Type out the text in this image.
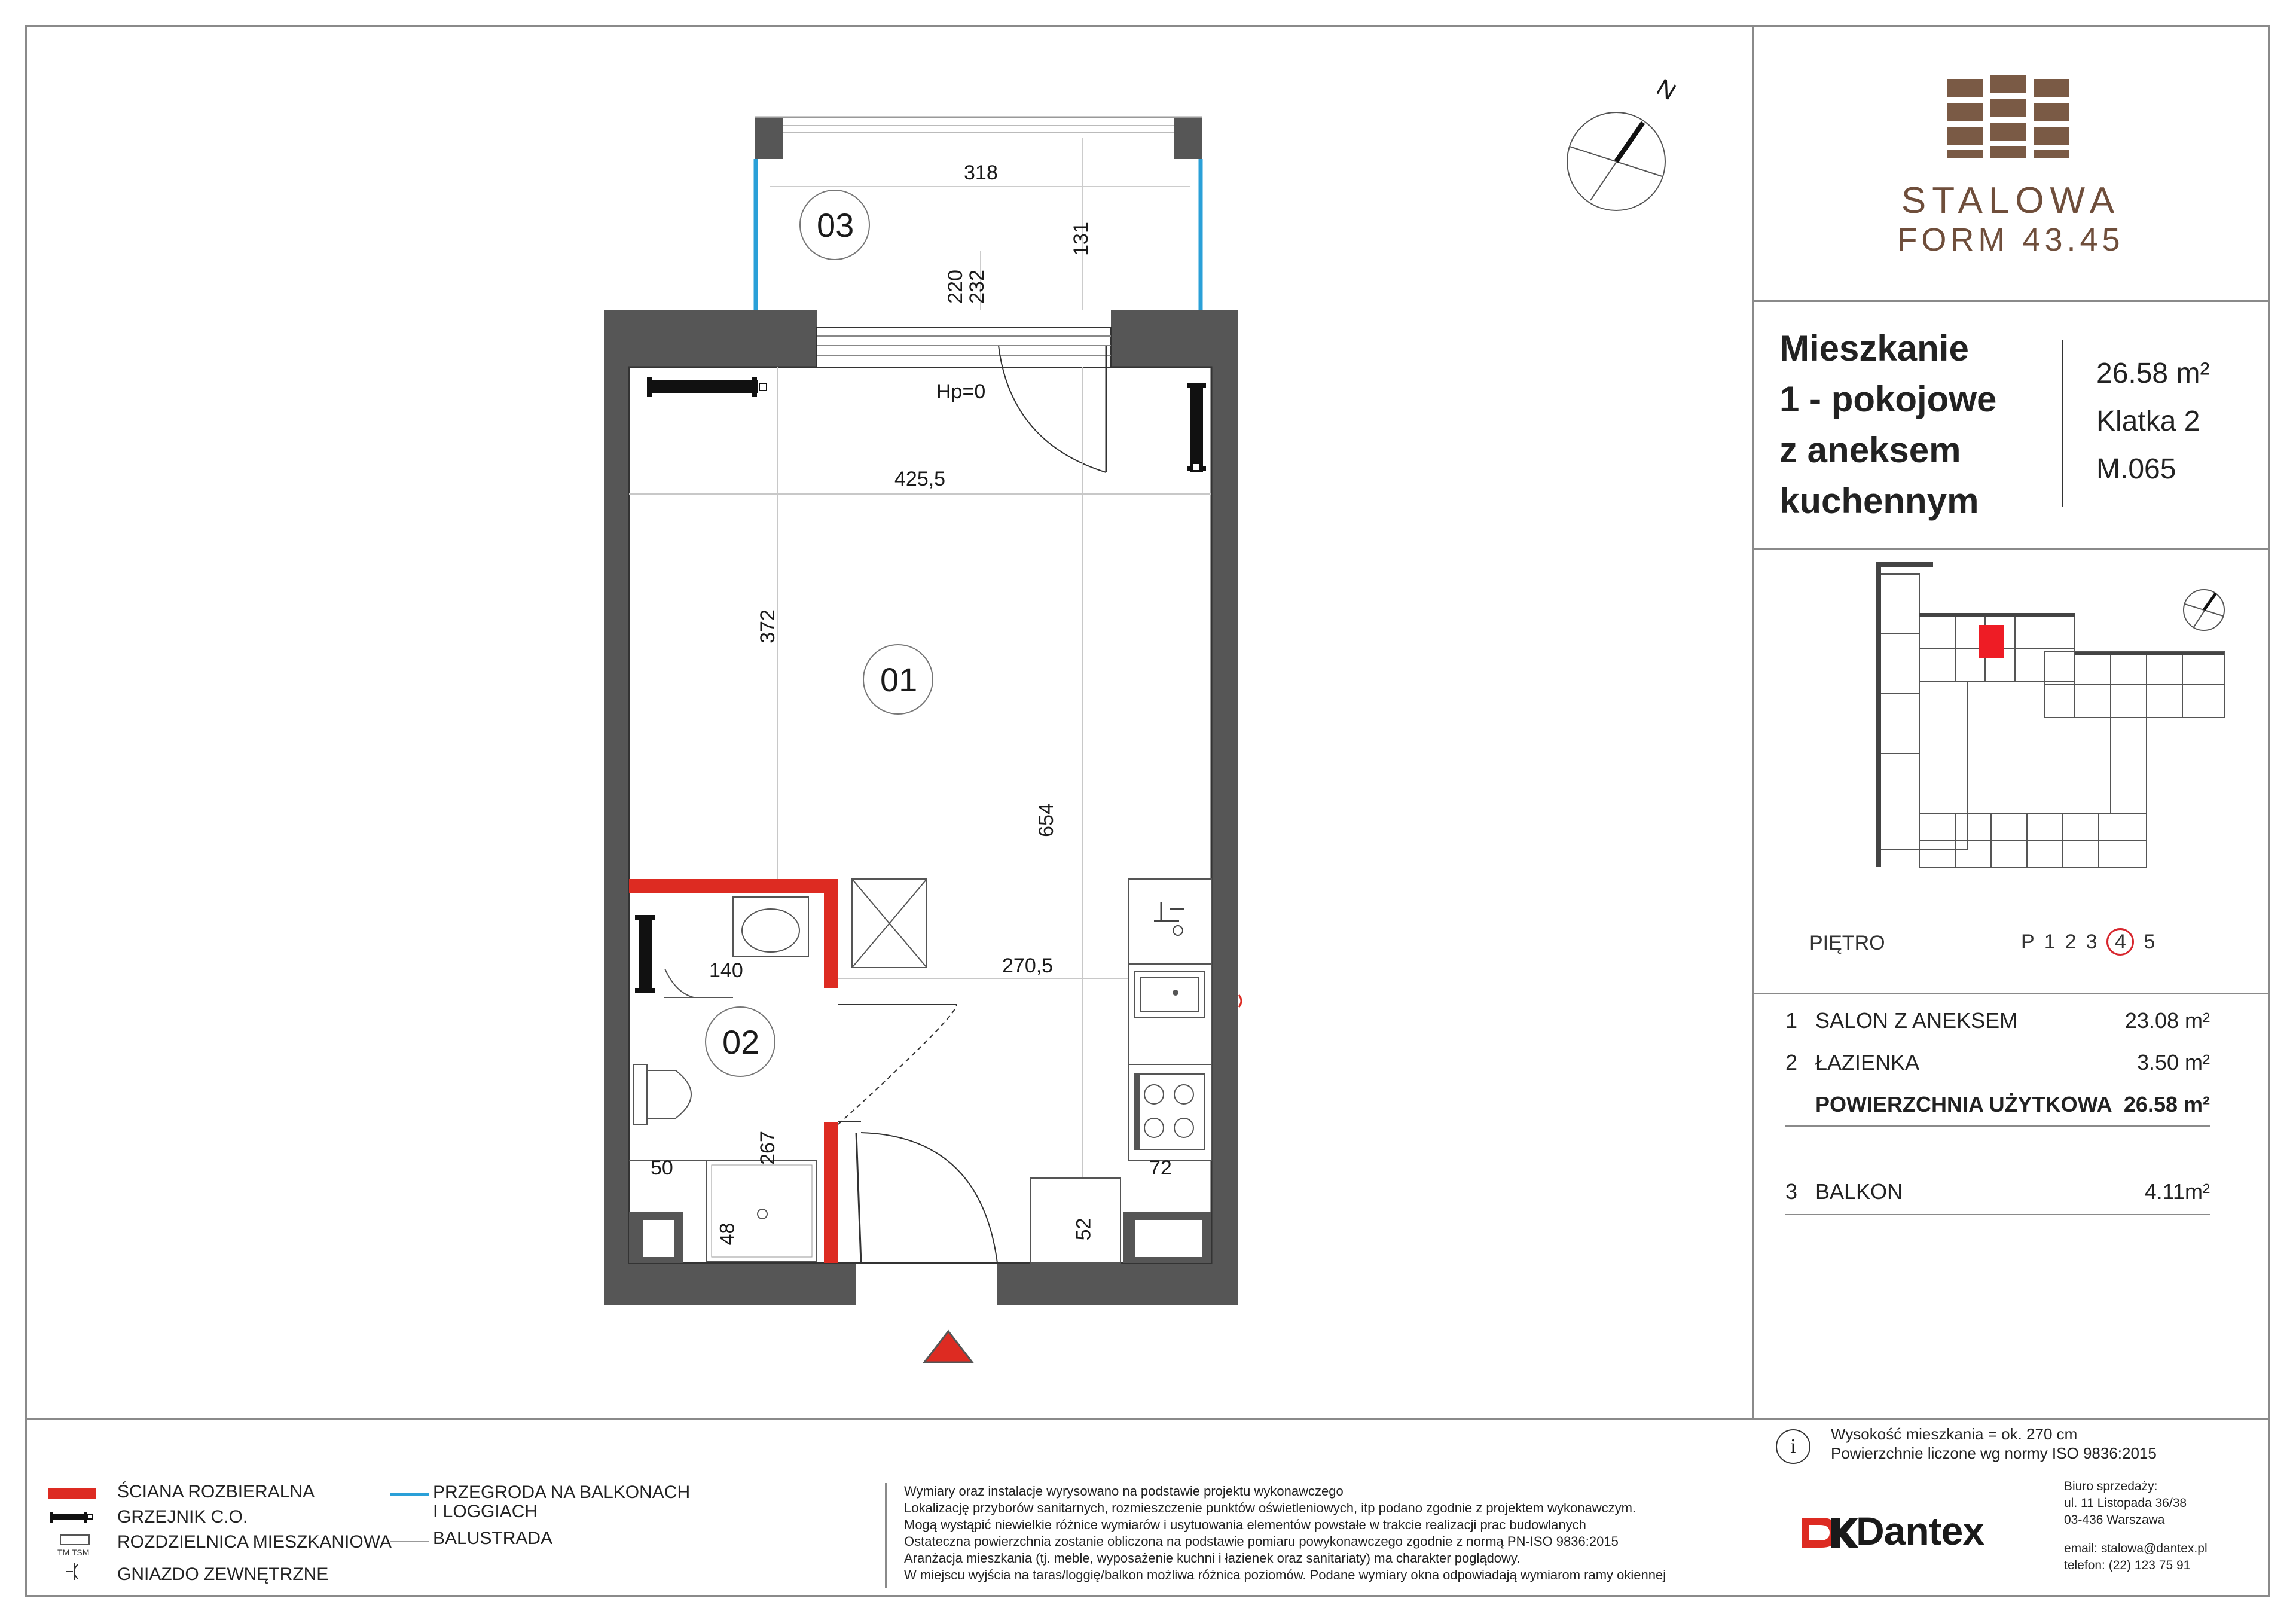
03
01
02
318
131
220
232
Hp=0
425,5
372
654
270,5
140
267
50
48
72
52
N
STALOWA
FORM 43.45
Mieszkanie
1 - pokojowe
z aneksem
kuchennym
26.58 m²
Klatka 2
M.065
PIĘTRO	P 1 2 3 4 5
1 SALON Z ANEKSEM	23.08 m²
2 ŁAZIENKA	3.50 m²
POWIERZCHNIA UŻYTKOWA 26.58 m²
3 BALKON	4.11m²
i
Wysokość mieszkania = ok. 270 cm
Powierzchnie liczone wg normy ISO 9836:2015
ŚCIANA ROZBIERALNA
GRZEJNIK C.O.
TM TSM
ROZDZIELNICA MIESZKANIOWA
GNIAZDO ZEWNĘTRZNE
PRZEGRODA NA BALKONACH
I LOGGIACH
BALUSTRADA
Wymiary oraz instalacje wyrysowano na podstawie projektu wykonawczego
Lokalizację przyborów sanitarnych, rozmieszczenie punktów oświetleniowych, itp podano zgodnie z projektem wykonawczym.
Mogą wystąpić niewielkie różnice wymiarów i usytuowania elementów powstałe w trakcie realizacji prac budowlanych
Ostateczna powierzchnia zostanie obliczona na podstawie pomiaru powykonawczego zgodnie z normą PN-ISO 9836:2015
Aranżacja mieszkania (tj. meble, wyposażenie kuchni i łazienek oraz sanitariaty) ma charakter poglądowy.
W miejscu wyjścia na taras/loggię/balkon możliwa różnica poziomów. Podane wymiary okna odpowiadają wymiarom ramy okiennej
Dantex
Biuro sprzedaży:
ul. 11 Listopada 36/38
03-436 Warszawa
email: stalowa@dantex.pl
telefon: (22) 123 75 91
